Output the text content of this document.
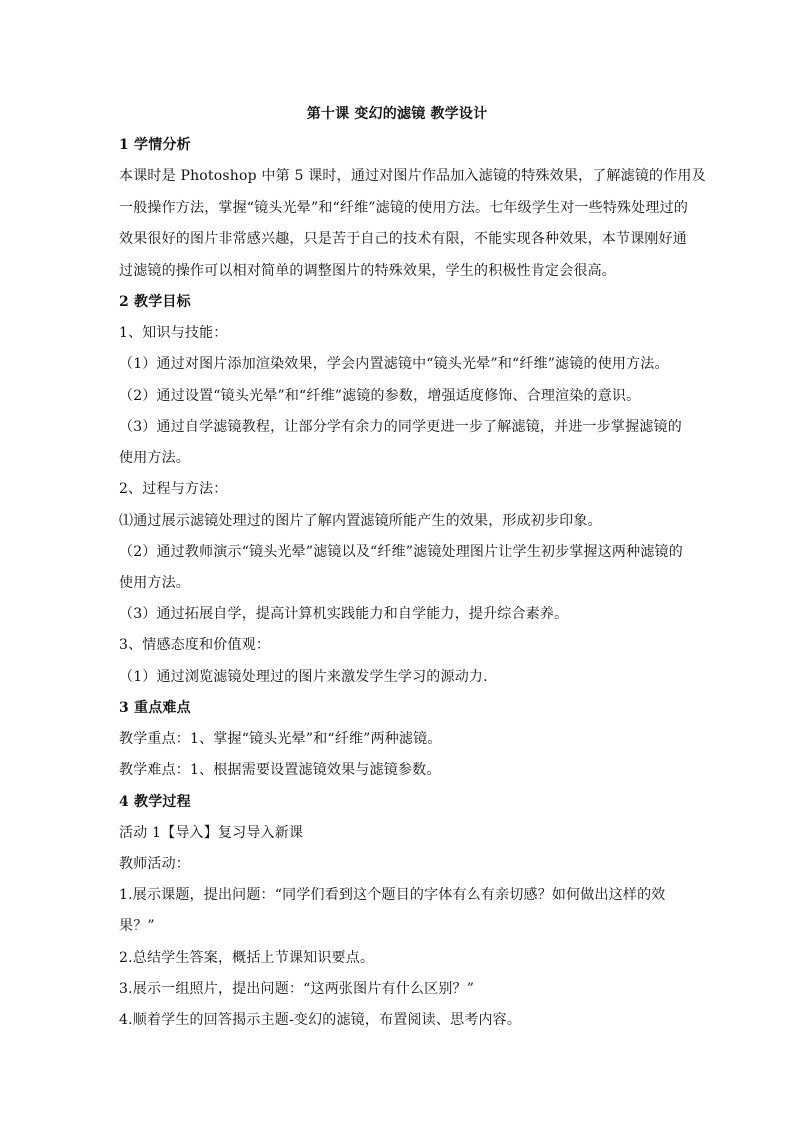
第十课 变幻的滤镜 教学设计
1 学情分析
本课时是 Photoshop 中第 5 课时，通过对图片作品加入滤镜的特殊效果，了解滤镜的作用及
一般操作方法，掌握“镜头光晕”和“纤维”滤镜的使用方法。七年级学生对一些特殊处理过的
效果很好的图片非常感兴趣，只是苦于自己的技术有限，不能实现各种效果，本节课刚好通
过滤镜的操作可以相对简单的调整图片的特殊效果，学生的积极性肯定会很高。
2 教学目标
1、知识与技能：
（1）通过对图片添加渲染效果，学会内置滤镜中“镜头光晕”和“纤维”滤镜的使用方法。
（2）通过设置“镜头光晕”和“纤维”滤镜的参数，增强适度修饰、合理渲染的意识。
（3）通过自学滤镜教程，让部分学有余力的同学更进一步了解滤镜，并进一步掌握滤镜的
使用方法。
2、过程与方法：
⑴通过展示滤镜处理过的图片了解内置滤镜所能产生的效果，形成初步印象。
（2）通过教师演示“镜头光晕”滤镜以及“纤维”滤镜处理图片让学生初步掌握这两种滤镜的
使用方法。
（3）通过拓展自学，提高计算机实践能力和自学能力，提升综合素养。
3、情感态度和价值观：
（1）通过浏览滤镜处理过的图片来激发学生学习的源动力.
3 重点难点
教学重点：1、掌握“镜头光晕”和“纤维”两种滤镜。
教学难点：1、根据需要设置滤镜效果与滤镜参数。
4 教学过程
活动 1【导入】复习导入新课
教师活动：
1.展示课题，提出问题：“同学们看到这个题目的字体有么有亲切感？如何做出这样的效
果？”
2.总结学生答案，概括上节课知识要点。
3.展示一组照片，提出问题：“这两张图片有什么区别？”
4.顺着学生的回答揭示主题-变幻的滤镜，布置阅读、思考内容。
